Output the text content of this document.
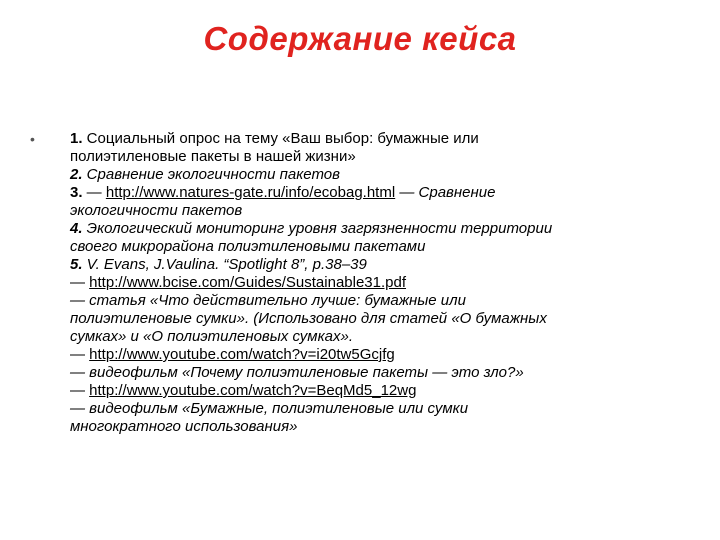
Содержание кейса
•	1. Социальный опрос на тему «Ваш выбор: бумажные или
полиэтиленовые пакеты в нашей жизни»
2. Сравнение экологичности пакетов
3. — http://www.natures-gate.ru/info/ecobag.html — Сравнение
экологичности пакетов
4. Экологический мониторинг уровня загрязненности территории
своего микрорайона полиэтиленовыми пакетами
5. V. Evans, J.Vaulina. “Spotlight 8”, p.38–39
— http://www.bcise.com/Guides/Sustainable31.pdf
— статья «Что действительно лучше: бумажные или
полиэтиленовые сумки». (Использовано для статей «О бумажных
сумках» и «О полиэтиленовых сумках».
— http://www.youtube.com/watch?v=i20tw5Gcjfg
— видеофильм «Почему полиэтиленовые пакеты — это зло?»
— http://www.youtube.com/watch?v=BeqMd5_12wg
— видеофильм «Бумажные, полиэтиленовые или сумки
многократного использования»
